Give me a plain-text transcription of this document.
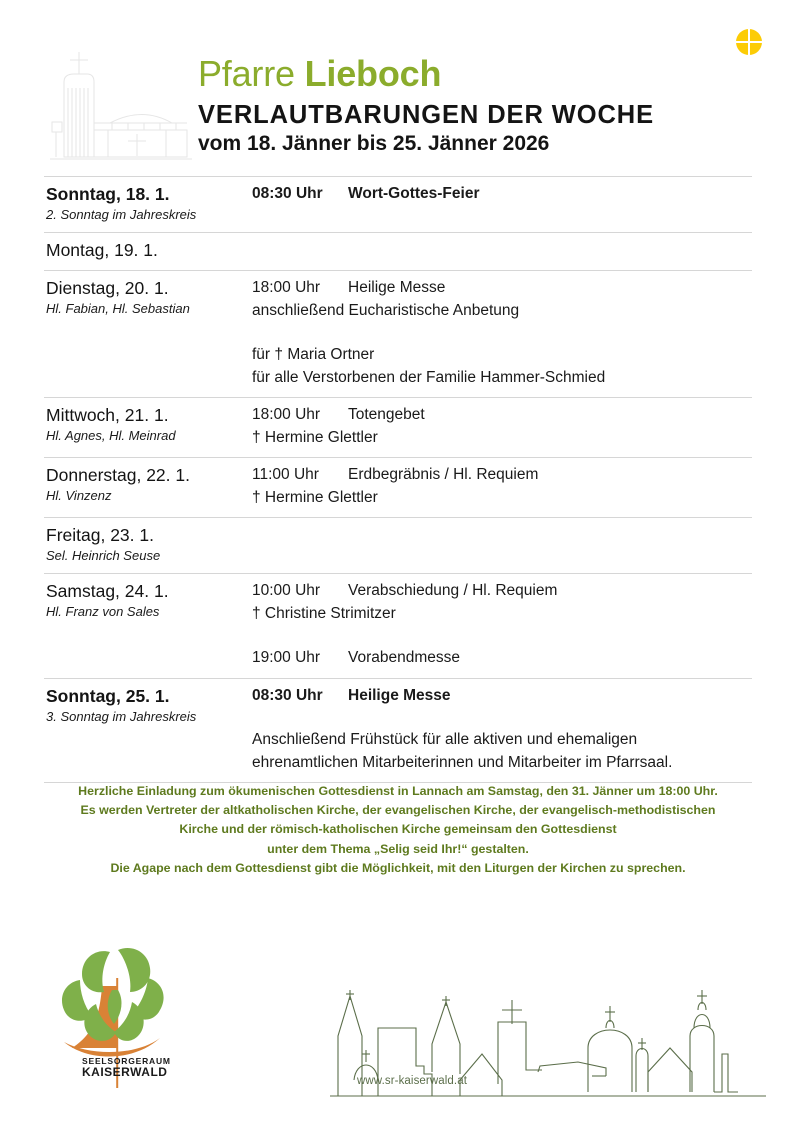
Pfarre Lieboch
VERLAUTBARUNGEN DER WOCHE
vom 18. Jänner bis 25. Jänner 2026
Sonntag, 18. 1.
2. Sonntag im Jahreskreis
08:30 Uhr	Wort-Gottes-Feier
Montag, 19. 1.
Dienstag, 20. 1.
Hl. Fabian, Hl. Sebastian
18:00 Uhr	Heilige Messe
anschließend Eucharistische Anbetung
für † Maria Ortner
für alle Verstorbenen der Familie Hammer-Schmied
Mittwoch, 21. 1.
Hl. Agnes, Hl. Meinrad
18:00 Uhr	Totengebet
† Hermine Glettler
Donnerstag, 22. 1.
Hl. Vinzenz
11:00 Uhr	Erdbegräbnis / Hl. Requiem
† Hermine Glettler
Freitag, 23. 1.
Sel. Heinrich Seuse
Samstag, 24. 1.
Hl. Franz von Sales
10:00 Uhr	Verabschiedung / Hl. Requiem
† Christine Strimitzer
19:00 Uhr	Vorabendmesse
Sonntag, 25. 1.
3. Sonntag im Jahreskreis
08:30 Uhr	Heilige Messe
Anschließend Frühstück für alle aktiven und ehemaligen
ehrenamtlichen Mitarbeiterinnen und Mitarbeiter im Pfarrsaal.
Herzliche Einladung zum ökumenischen Gottesdienst in Lannach am Samstag, den 31. Jänner um 18:00 Uhr.
Es werden Vertreter der altkatholischen Kirche, der evangelischen Kirche, der evangelisch-methodistischen
Kirche und der römisch-katholischen Kirche gemeinsam den Gottesdienst
unter dem Thema „Selig seid Ihr!“ gestalten.
Die Agape nach dem Gottesdienst gibt die Möglichkeit, mit den Liturgen der Kirchen zu sprechen.
SEELSORGERAUM
KAISERWALD
www.sr-kaiserwald.at
